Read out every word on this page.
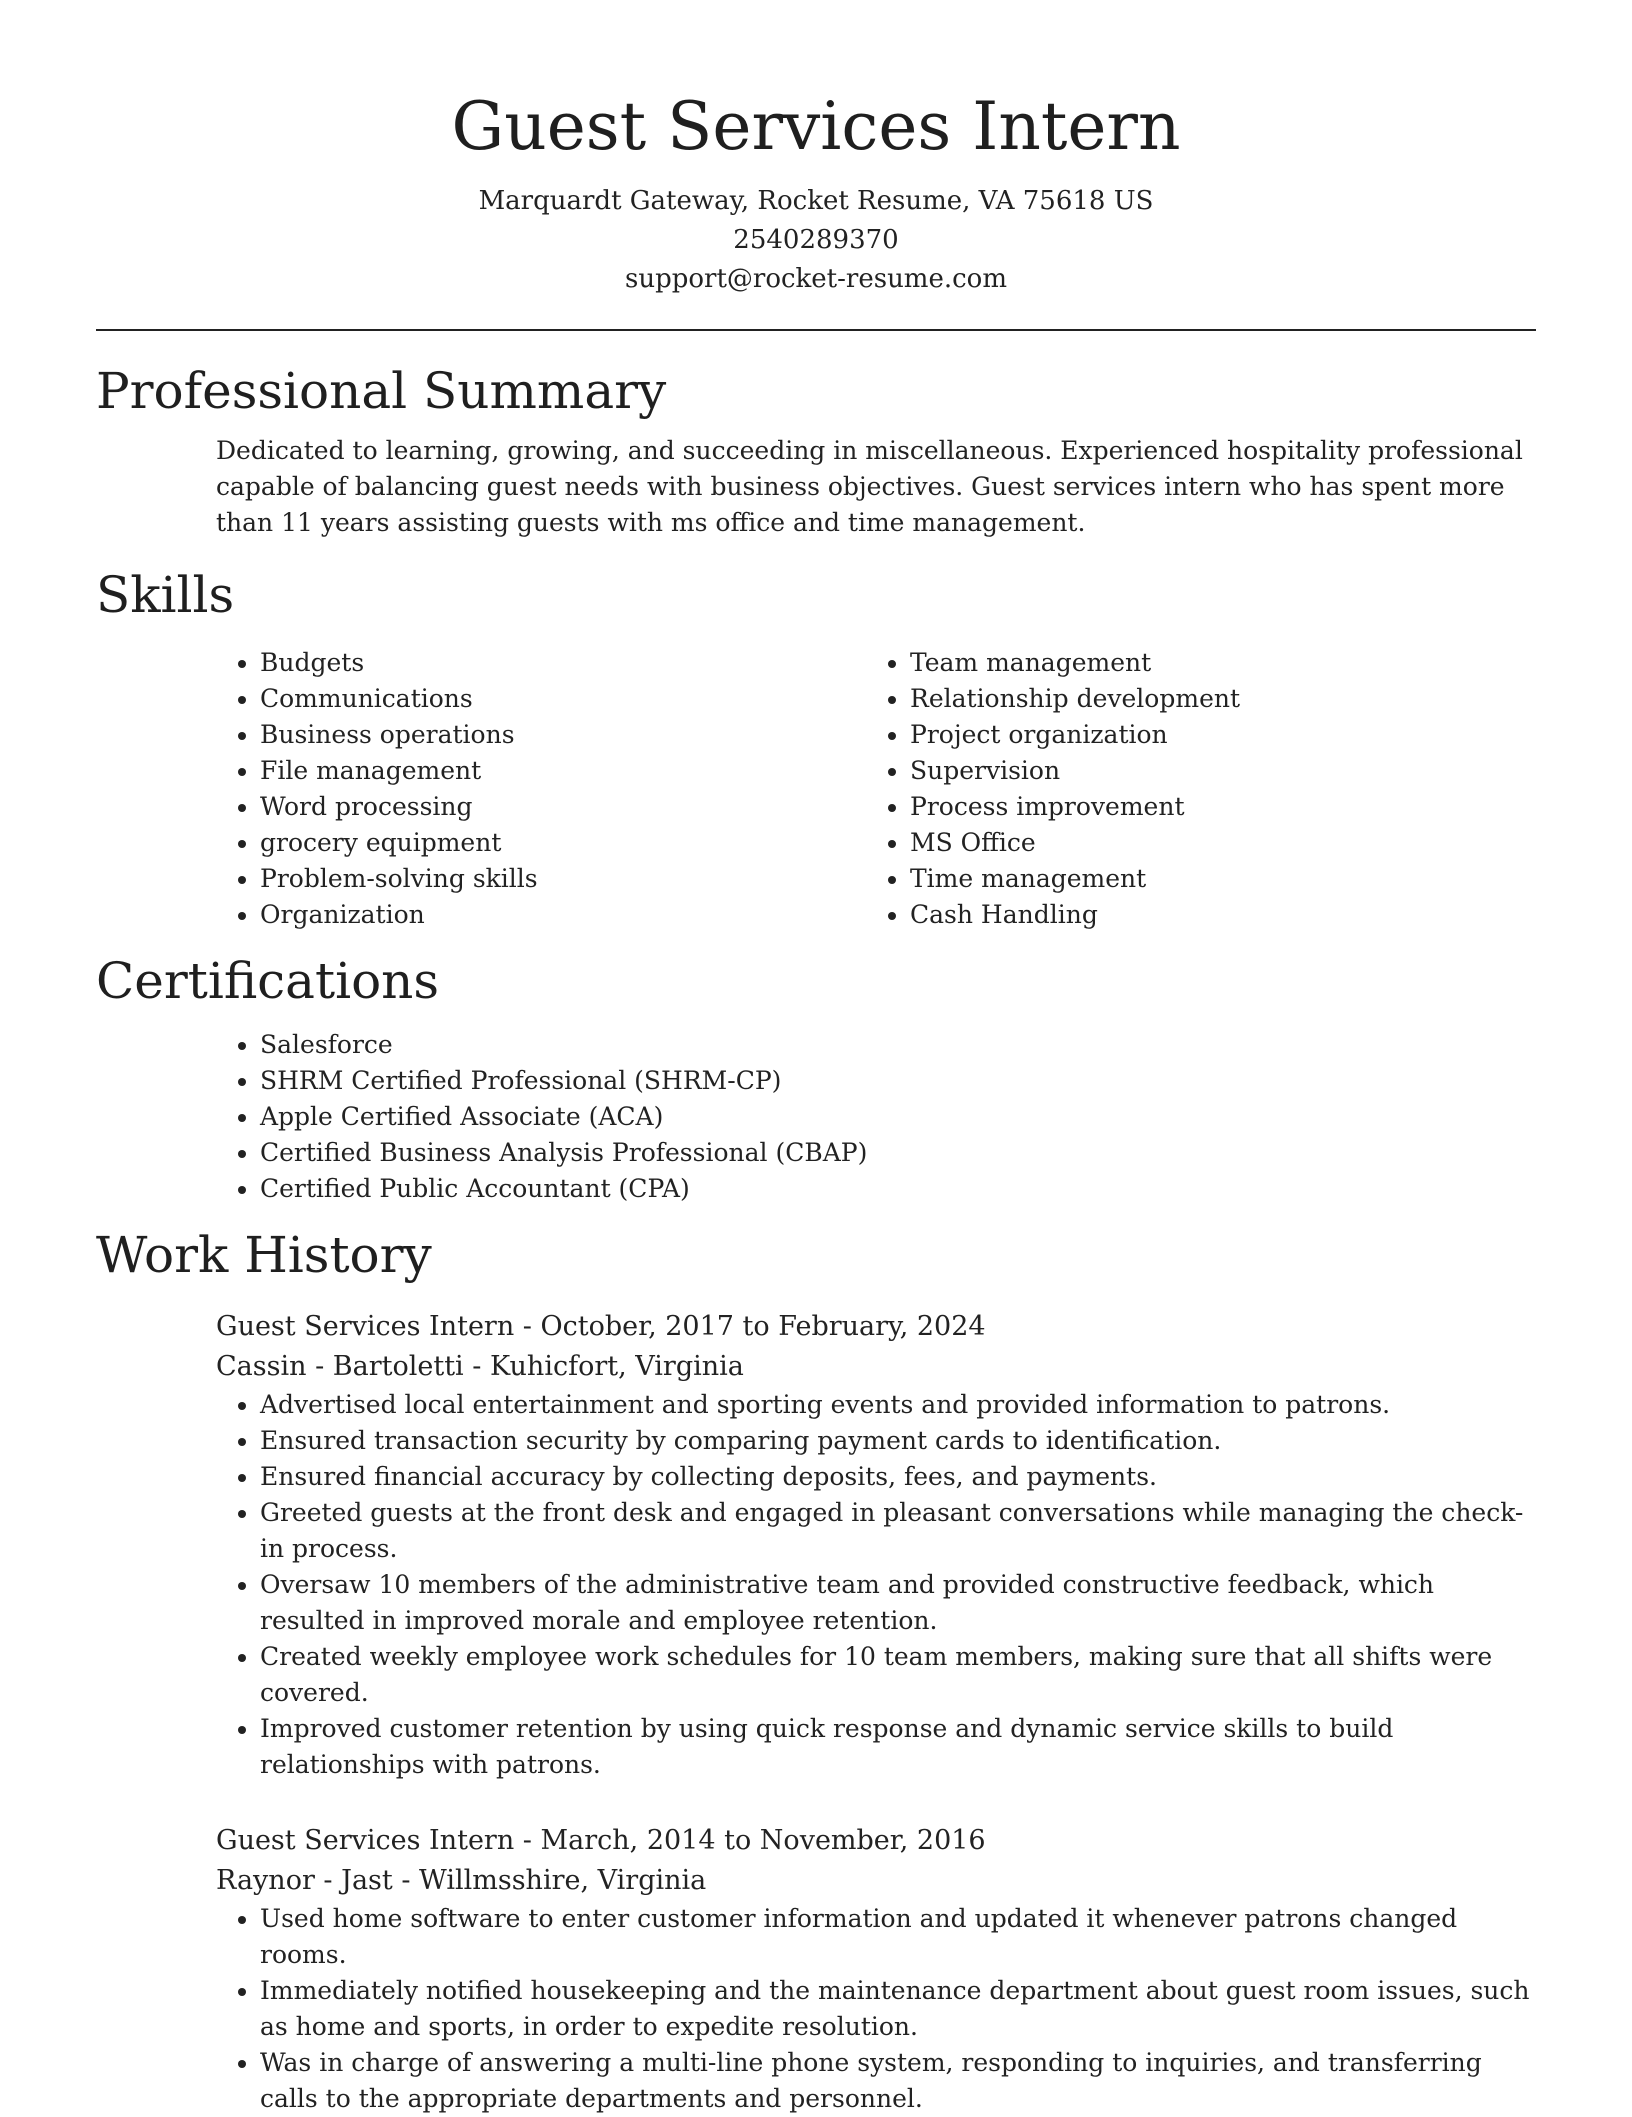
Guest Services Intern

Marquardt Gateway, Rocket Resume, VA 75618 US

2540289370

support@rocket-resume.com

Professional Summary

Dedicated to learning, growing, and succeeding in miscellaneous. Experienced hospitality professional capable of balancing guest needs with business objectives. Guest services intern who has spent more than 11 years assisting guests with ms office and time management.

Skills
• Budgets
• Communications
• Business operations
• File management
• Word processing
• grocery equipment
• Problem-solving skills
• Organization
• Team management
• Relationship development
• Project organization
• Supervision
• Process improvement
• MS Office
• Time management
• Cash Handling
Certifications
• Salesforce
• SHRM Certified Professional (SHRM-CP)
• Apple Certified Associate (ACA)
• Certified Business Analysis Professional (CBAP)
• Certified Public Accountant (CPA)
Work History

Guest Services Intern - October, 2017 to February, 2024

Cassin - Bartoletti - Kuhicfort, Virginia

• Advertised local entertainment and sporting events and provided information to patrons.
• Ensured transaction security by comparing payment cards to identification.
• Ensured financial accuracy by collecting deposits, fees, and payments.
• Greeted guests at the front desk and engaged in pleasant conversations while managing the check-in process.
• Oversaw 10 members of the administrative team and provided constructive feedback, which resulted in improved morale and employee retention.
• Created weekly employee work schedules for 10 team members, making sure that all shifts were covered.
• Improved customer retention by using quick response and dynamic service skills to build relationships with patrons.

Guest Services Intern - March, 2014 to November, 2016

Raynor - Jast - Willmsshire, Virginia

• Used home software to enter customer information and updated it whenever patrons changed rooms.
• Immediately notified housekeeping and the maintenance department about guest room issues, such as home and sports, in order to expedite resolution.
• Was in charge of answering a multi-line phone system, responding to inquiries, and transferring calls to the appropriate departments and personnel.
